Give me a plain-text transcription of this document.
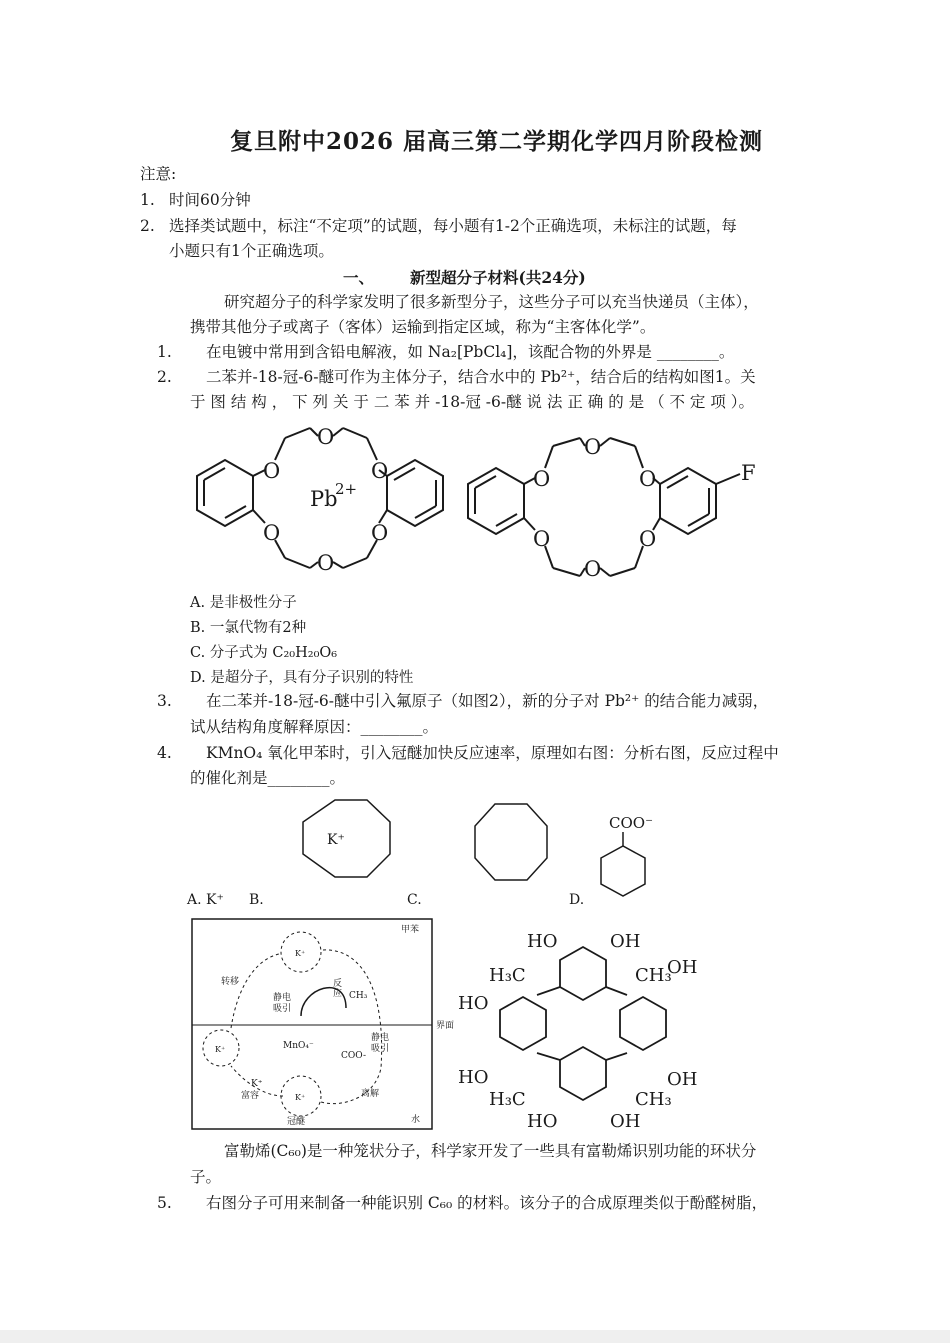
复旦附中2026 届高三第二学期化学四月阶段检测
注意:
1. 时间60分钟
2. 选择类试题中，标注“不定项”的试题，每小题有1-2个正确选项，未标注的试题，每
小题只有1个正确选项。
一、 新型超分子材料(共24分)
研究超分子的科学家发明了很多新型分子，这些分子可以充当快递员（主体），
携带其他分子或离子（客体）运输到指定区域，称为“主客体化学”。
1. 在电镀中常用到含铅电解液，如 Na₂[PbCl₄]，该配合物的外界是 ________。
2. 二苯并-18-冠-6-醚可作为主体分子，结合水中的 Pb²⁺，结合后的结构如图1。关
于 图 结 构 ， 下 列 关 于 二 苯 并 -18-冠 -6-醚 说 法 正 确 的 是 （ 不 定 项 ）。
O
O
O
O
O
O
Pb
2+	O
O
O
O
O
O
F
A. 是非极性分子
B. 一氯代物有2种
C. 分子式为 C₂₀H₂₀O₆
D. 是超分子，具有分子识别的特性
3. 在二苯并-18-冠-6-醚中引入氟原子（如图2），新的分子对 Pb²⁺ 的结合能力减弱，
试从结构角度解释原因：________。
4. KMnO₄ 氧化甲苯时，引入冠醚加快反应速率，原理如右图：分析右图，反应过程中
的催化剂是________。
K⁺
COO⁻
A. K⁺ B.	C.	D.
甲苯
水
转移
静电
吸引
反
应 CH₃
静电
吸引
MnO₄⁻
COO-
K⁺
K⁺
K⁺
K⁺
富容	离解
冠醚
界面
HO	OH
H₃C	CH₃
HO
OH
HO	OH
H₃C	CH₃
HO	OH
富勒烯(C₆₀)是一种笼状分子，科学家开发了一些具有富勒烯识别功能的环状分
子。
5. 右图分子可用来制备一种能识别 C₆₀ 的材料。该分子的合成原理类似于酚醛树脂，
